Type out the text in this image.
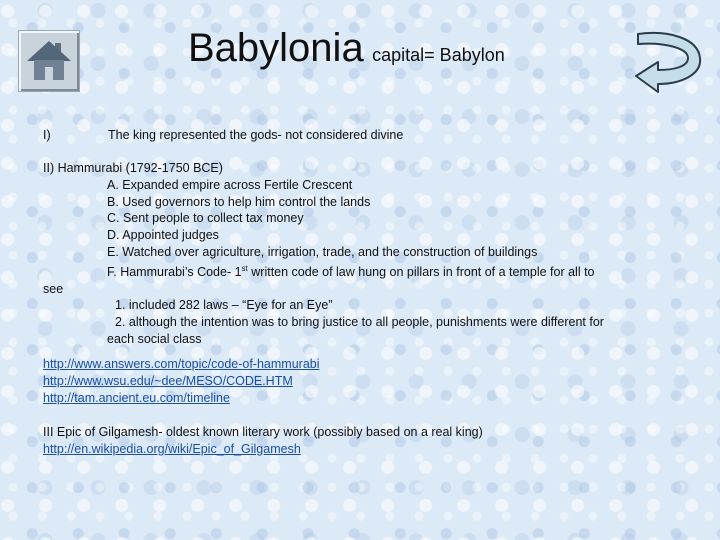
Babylonia capital= Babylon
I)	The king represented the gods- not considered divine
II) Hammurabi (1792-1750 BCE)
A. Expanded empire across Fertile Crescent
B. Used governors to help him control the lands
C. Sent people to collect tax money
D. Appointed judges
E. Watched over agriculture, irrigation, trade, and the construction of buildings
F. Hammurabi’s Code- 1st written code of law hung on pillars in front of a temple for all to
see
1. included 282 laws – “Eye for an Eye”
2. although the intention was to bring justice to all people, punishments were different for
each social class
http://www.answers.com/topic/code-of-hammurabi
http://www.wsu.edu/~dee/MESO/CODE.HTM
http://tam.ancient.eu.com/timeline
III Epic of Gilgamesh- oldest known literary work (possibly based on a real king)
http://en.wikipedia.org/wiki/Epic_of_Gilgamesh
